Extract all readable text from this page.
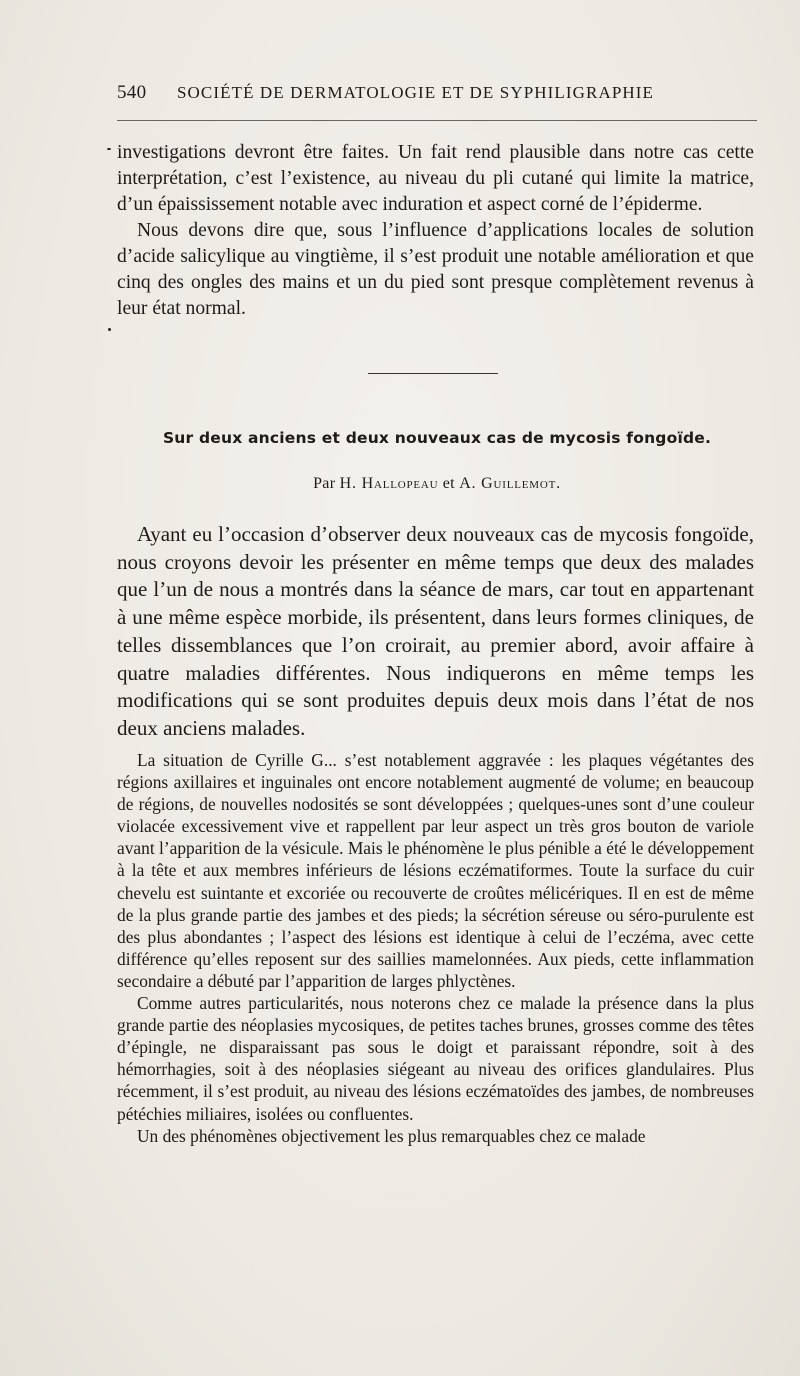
540 SOCIÉTÉ DE DERMATOLOGIE ET DE SYPHILIGRAPHIE

investigations devront être faites. Un fait rend plausible dans notre cas cette interprétation, c’est l’existence, au niveau du pli cutané qui limite la matrice, d’un épaississement notable avec induration et aspect corné de l’épiderme.

Nous devons dire que, sous l’influence d’applications locales de solution d’acide salicylique au vingtième, il s’est produit une notable amélioration et que cinq des ongles des mains et un du pied sont presque complètement revenus à leur état normal.

Sur deux anciens et deux nouveaux cas de mycosis fongoïde.
Par H. Hallopeau et A. Guillemot.

Ayant eu l’occasion d’observer deux nouveaux cas de mycosis fongoïde, nous croyons devoir les présenter en même temps que deux des malades que l’un de nous a montrés dans la séance de mars, car tout en appartenant à une même espèce morbide, ils présentent, dans leurs formes cliniques, de telles dissemblances que l’on croirait, au premier abord, avoir affaire à quatre maladies différentes. Nous indiquerons en même temps les modifications qui se sont produites depuis deux mois dans l’état de nos deux anciens malades.

La situation de Cyrille G... s’est notablement aggravée : les plaques végétantes des régions axillaires et inguinales ont encore notablement augmenté de volume; en beaucoup de régions, de nouvelles nodosités se sont développées ; quelques-unes sont d’une couleur violacée excessivement vive et rappellent par leur aspect un très gros bouton de variole avant l’apparition de la vésicule. Mais le phénomène le plus pénible a été le développement à la tête et aux membres inférieurs de lésions eczématiformes. Toute la surface du cuir chevelu est suintante et excoriée ou recouverte de croûtes mélicériques. Il en est de même de la plus grande partie des jambes et des pieds; la sécrétion séreuse ou séro-purulente est des plus abondantes ; l’aspect des lésions est identique à celui de l’eczéma, avec cette différence qu’elles reposent sur des saillies mamelonnées. Aux pieds, cette inflammation secondaire a débuté par l’apparition de larges phlyctènes.

Comme autres particularités, nous noterons chez ce malade la présence dans la plus grande partie des néoplasies mycosiques, de petites taches brunes, grosses comme des têtes d’épingle, ne disparaissant pas sous le doigt et paraissant répondre, soit à des hémorrhagies, soit à des néoplasies siégeant au niveau des orifices glandulaires. Plus récemment, il s’est produit, au niveau des lésions eczématoïdes des jambes, de nombreuses pétéchies miliaires, isolées ou confluentes.

Un des phénomènes objectivement les plus remarquables chez ce malade
